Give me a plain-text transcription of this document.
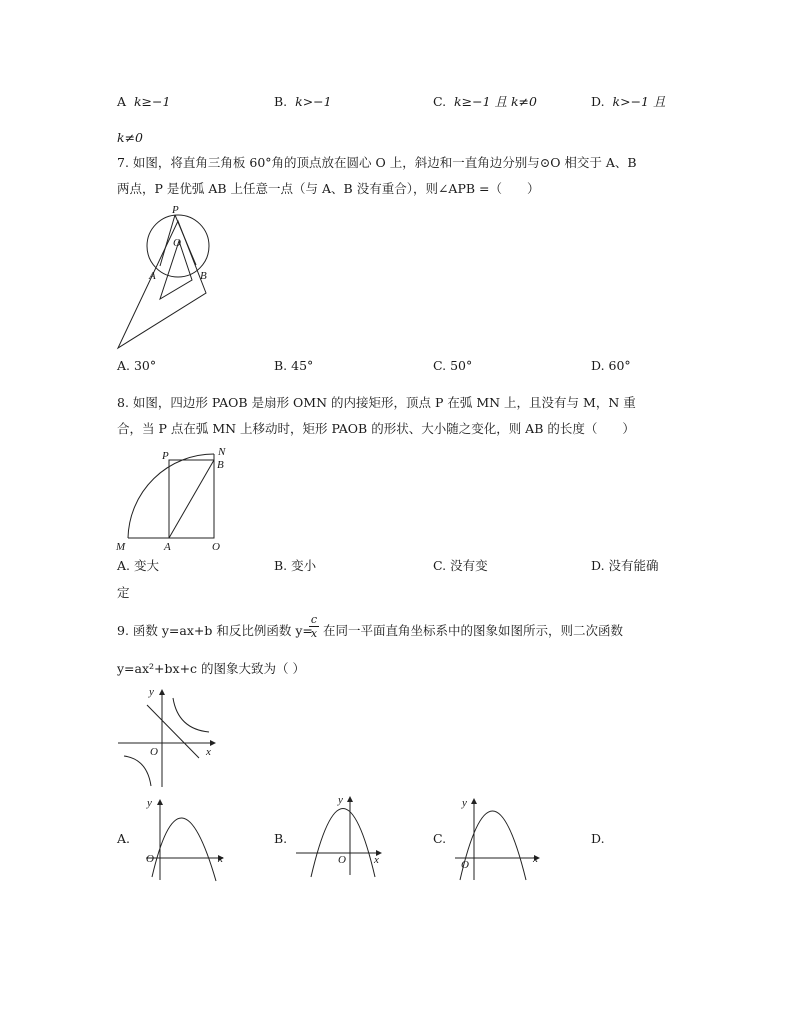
A k≥−1	B. k>−1	C. k≥−1 且 k≠0	D. k>−1 且
k≠0
7. 如图，将直角三角板 60°角的顶点放在圆心 O 上，斜边和一直角边分别与⊙O 相交于 A、B
两点，P 是优弧 AB 上任意一点（与 A、B 没有重合），则∠APB =（　　）
P
O
A	B
A. 30°	B. 45°	C. 50°	D. 60°
8. 如图，四边形 PAOB 是扇形 OMN 的内接矩形，顶点 P 在弧 MN 上，且没有与 M，N 重
合，当 P 点在弧 MN 上移动时，矩形 PAOB 的形状、大小随之变化，则 AB 的长度（　　）
P	N
B
M	A	O
A. 变大	B. 变小	C. 没有变	D. 没有能确
定
9. 函数 y=ax+b 和反比例函数 y=
c
x 在同一平面直角坐标系中的图象如图所示，则二次函数
y=ax²+bx+c 的图象大致为（ ）
y
O	x
A.
y
O	x
B.
y
O	x
C.
y
O	x
D.
